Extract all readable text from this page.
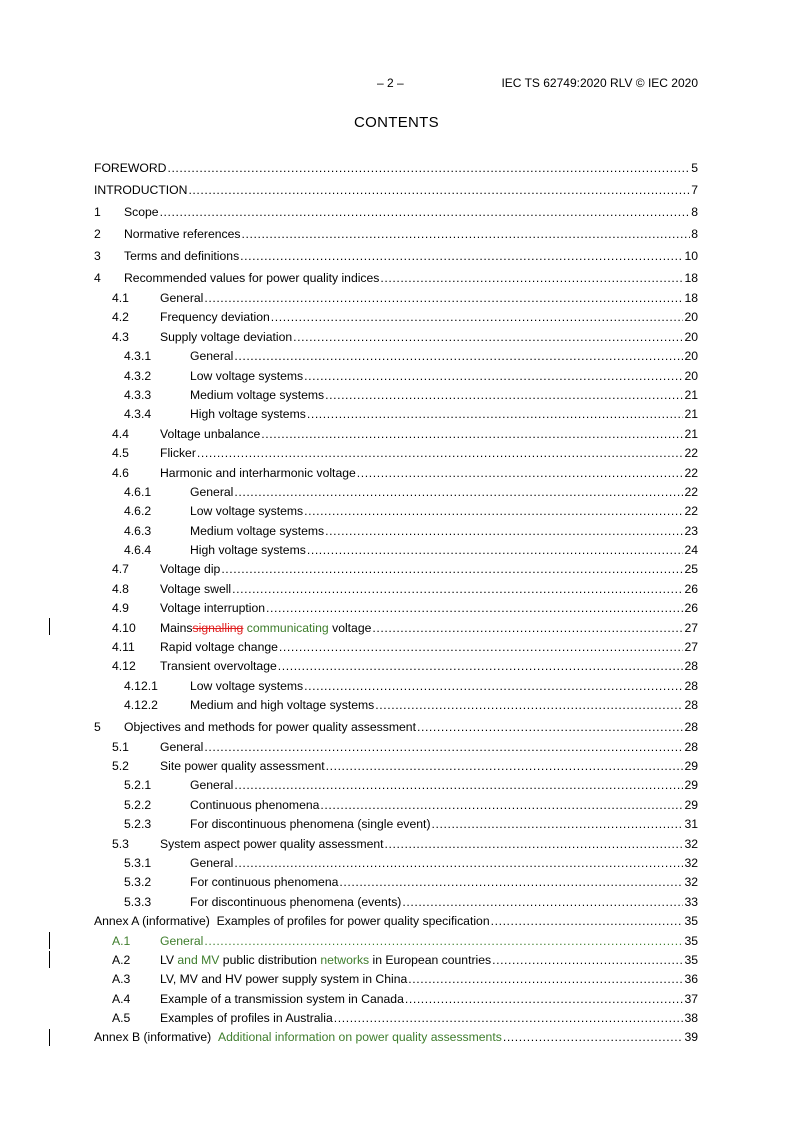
– 2 –	IEC TS 62749:2020 RLV © IEC 2020
CONTENTS
FOREWORD .....	5
INTRODUCTION .....	7
1	Scope .....	8
2	Normative references .....	8
3	Terms and definitions .....	10
4	Recommended values for power quality indices .....	18
4.1	General .....	18
4.2	Frequency deviation .....	20
4.3	Supply voltage deviation .....	20
4.3.1	General .....	20
4.3.2	Low voltage systems .....	20
4.3.3	Medium voltage systems .....	21
4.3.4	High voltage systems .....	21
4.4	Voltage unbalance .....	21
4.5	Flicker .....	22
4.6	Harmonic and interharmonic voltage .....	22
4.6.1	General .....	22
4.6.2	Low voltage systems .....	22
4.6.3	Medium voltage systems .....	23
4.6.4	High voltage systems .....	24
4.7	Voltage dip .....	25
4.8	Voltage swell .....	26
4.9	Voltage interruption .....	26
4.10	Mainssignalling communicating voltage .....	27
4.11	Rapid voltage change .....	27
4.12	Transient overvoltage .....	28
4.12.1	Low voltage systems .....	28
4.12.2	Medium and high voltage systems .....	28
5	Objectives and methods for power quality assessment .....	28
5.1	General .....	28
5.2	Site power quality assessment .....	29
5.2.1	General .....	29
5.2.2	Continuous phenomena .....	29
5.2.3	For discontinuous phenomena (single event) .....	31
5.3	System aspect power quality assessment .....	32
5.3.1	General .....	32
5.3.2	For continuous phenomena .....	32
5.3.3	For discontinuous phenomena (events) .....	33
Annex A (informative)  Examples of profiles for power quality specification .....	35
A.1	General .....	35
A.2	LV and MV public distribution networks in European countries .....	35
A.3	LV, MV and HV power supply system in China .....	36
A.4	Example of a transmission system in Canada .....	37
A.5	Examples of profiles in Australia .....	38
Annex B (informative) Additional information on power quality assessments .....	39
